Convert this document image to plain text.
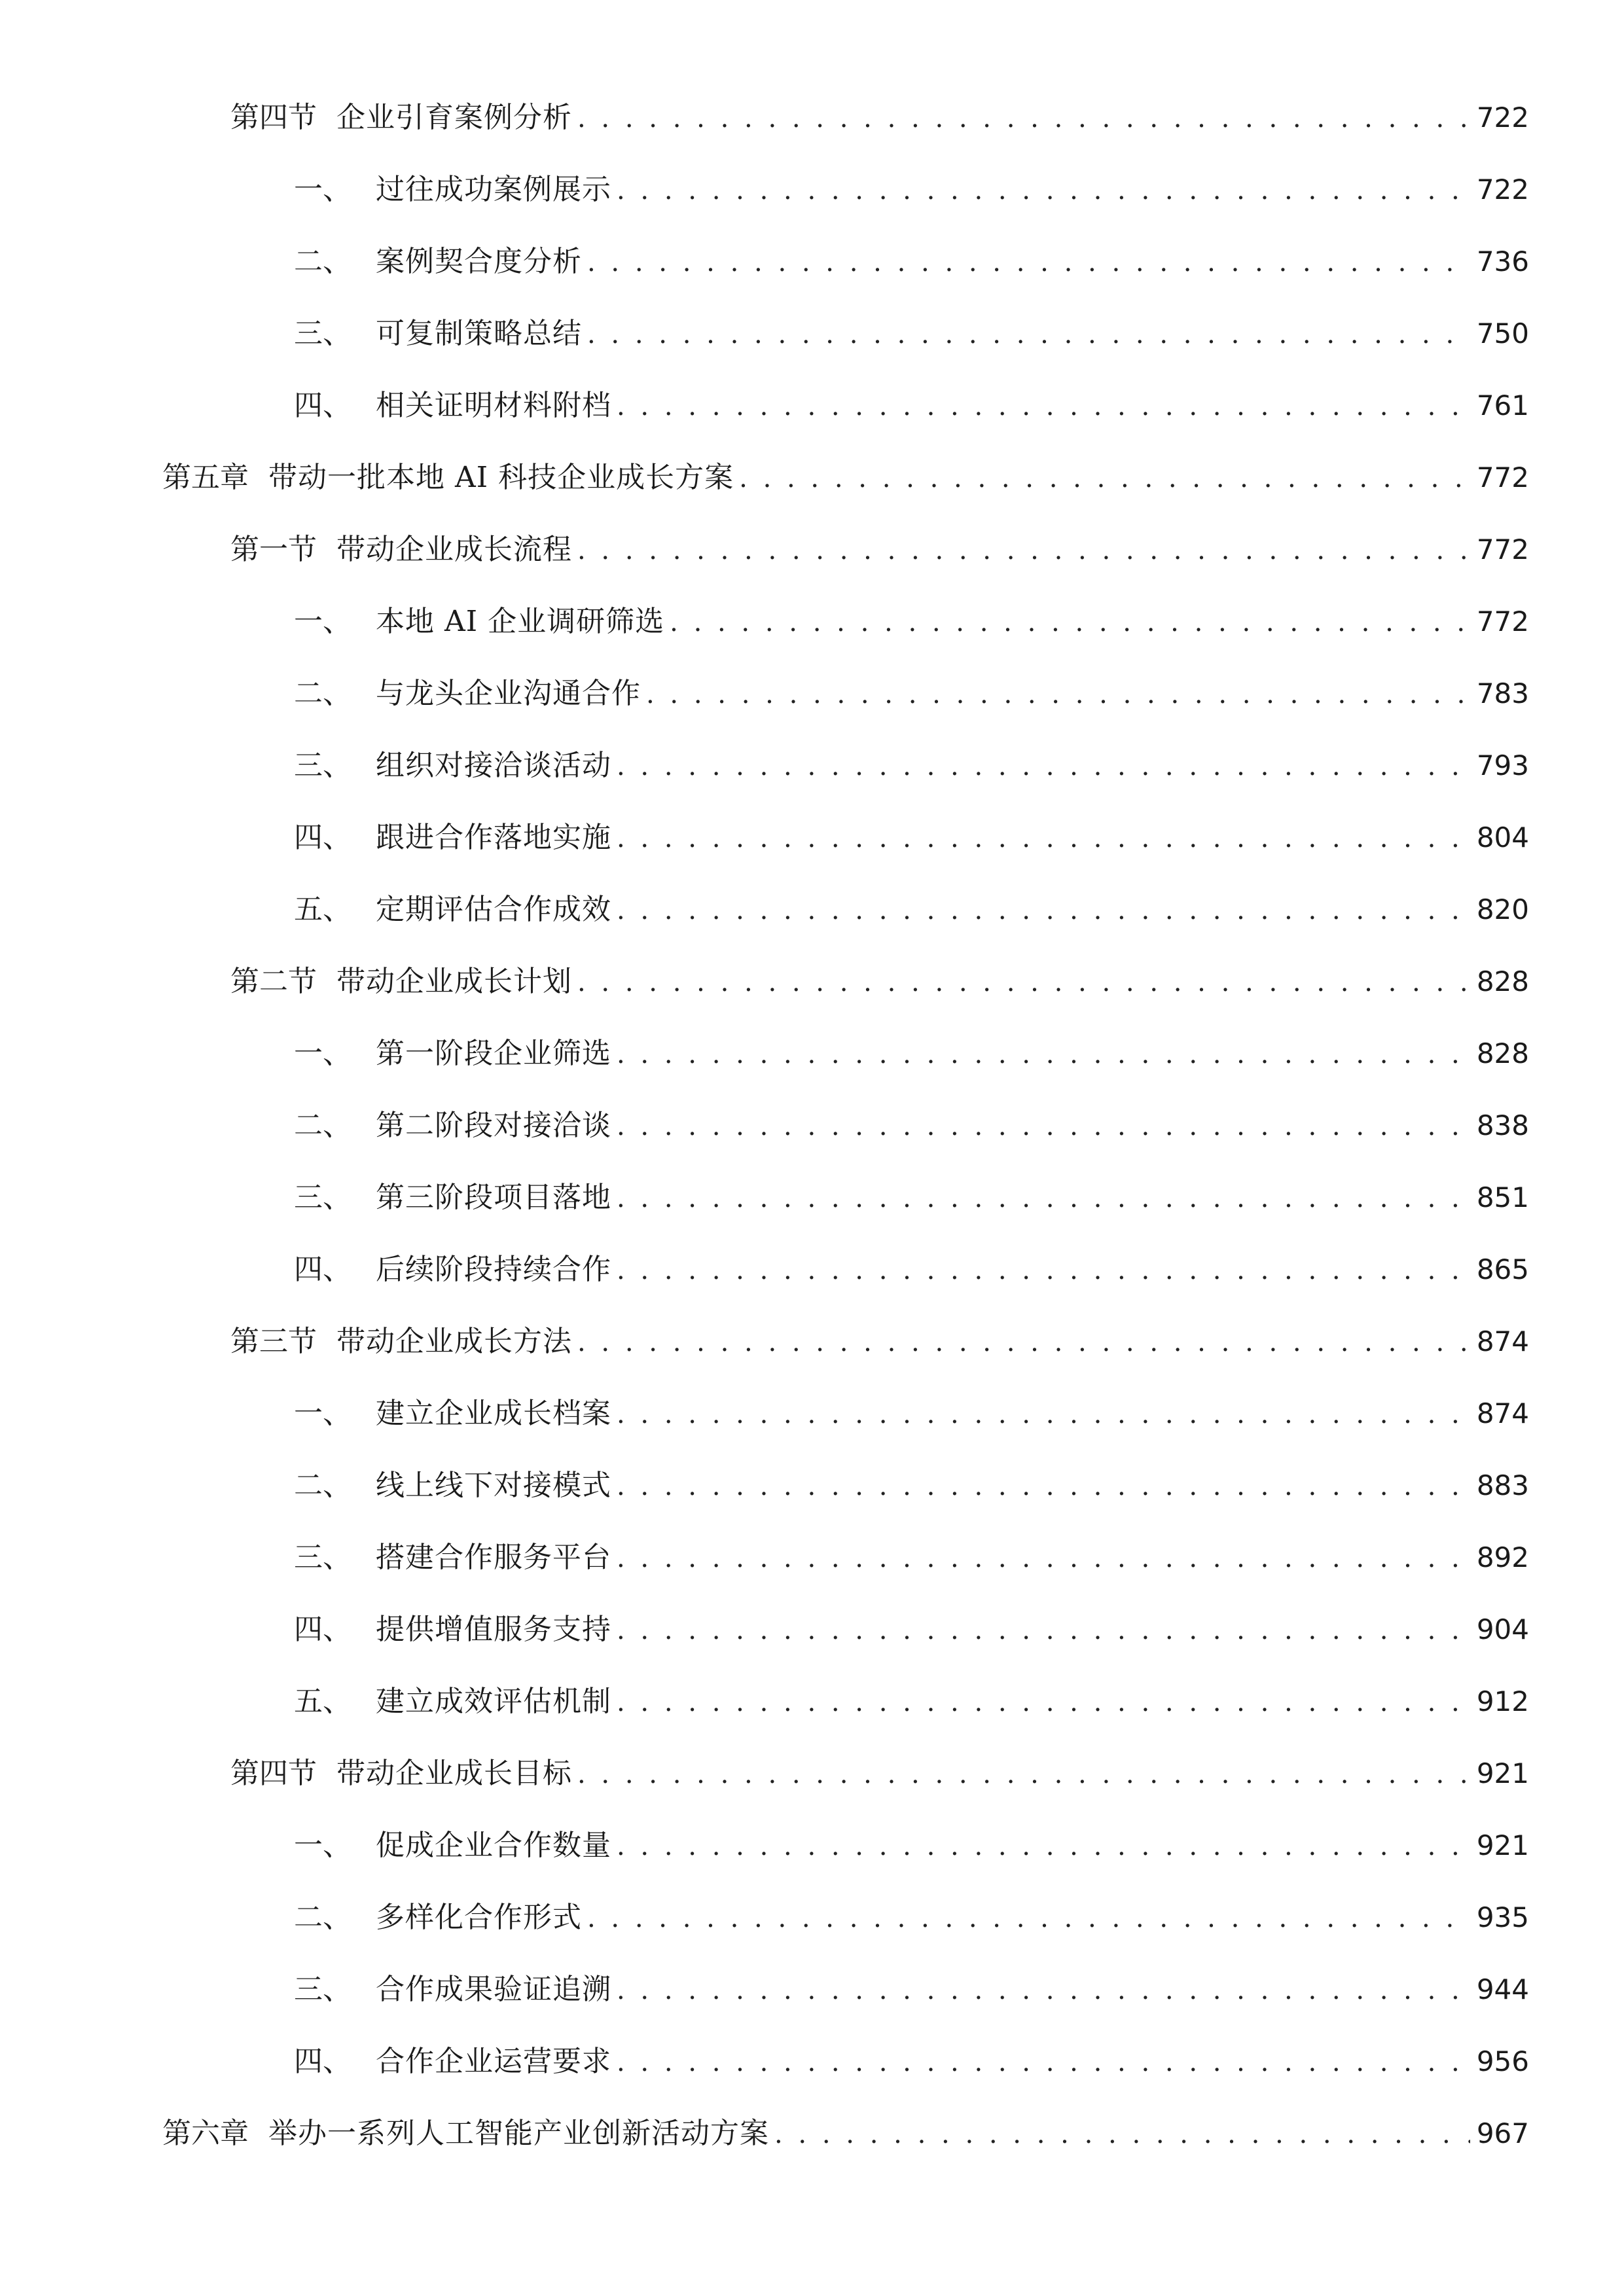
第四节 企业引育案例分析 . . .	722
一、 过往成功案例展示 . . .	722
二、 案例契合度分析 . . .	736
三、 可复制策略总结 . . .	750
四、 相关证明材料附档 . . .	761
第五章 带动一批本地 AI 科技企业成长方案 . . .	772
第一节 带动企业成长流程 . . .	772
一、 本地 AI 企业调研筛选 . . .	772
二、 与龙头企业沟通合作 . . .	783
三、 组织对接洽谈活动 . . .	793
四、 跟进合作落地实施 . . .	804
五、 定期评估合作成效 . . .	820
第二节 带动企业成长计划 . . .	828
一、 第一阶段企业筛选 . . .	828
二、 第二阶段对接洽谈 . . .	838
三、 第三阶段项目落地 . . .	851
四、 后续阶段持续合作 . . .	865
第三节 带动企业成长方法 . . .	874
一、 建立企业成长档案 . . .	874
二、 线上线下对接模式 . . .	883
三、 搭建合作服务平台 . . .	892
四、 提供增值服务支持 . . .	904
五、 建立成效评估机制 . . .	912
第四节 带动企业成长目标 . . .	921
一、 促成企业合作数量 . . .	921
二、 多样化合作形式 . . .	935
三、 合作成果验证追溯 . . .	944
四、 合作企业运营要求 . . .	956
第六章 举办一系列人工智能产业创新活动方案 . . .	967
